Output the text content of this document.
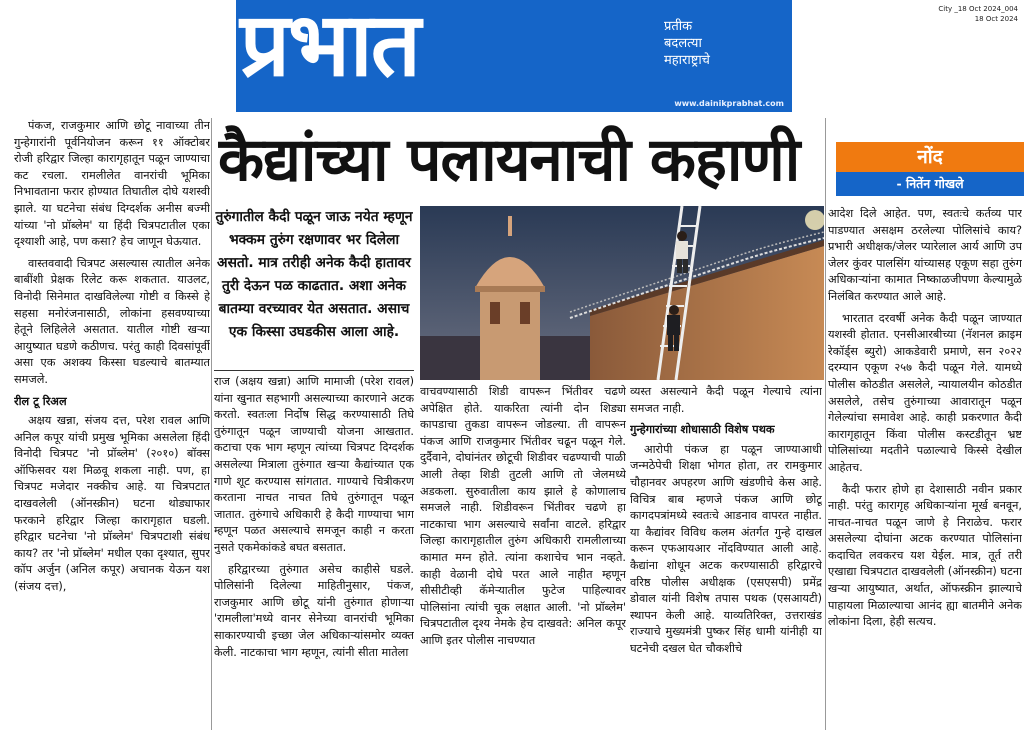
प्रभात	प्रतीक
बदलत्या
महाराष्ट्राचे
www.dainikprabhat.com
City _18 Oct 2024_004
18 Oct 2024

पंकज, राजकुमार आणि छोटू नावाच्या तीन गुन्हेगारांनी पूर्वनियोजन करून ११ ऑक्टोबर रोजी हरिद्वार जिल्हा कारागृहातून पळून जाण्याचा कट रचला. रामलीलेत वानरांची भूमिका निभावताना फरार होण्यात तिघातील दोघे यशस्वी झाले. या घटनेचा संबंध दिग्दर्शक अनीस बज्मी यांच्या 'नो प्रॉब्लेम' या हिंदी चित्रपटातील एका दृश्याशी आहे, पण कसा? हेच जाणून घेऊयात.

वास्तववादी चित्रपट असल्यास त्यातील अनेक बाबींशी प्रेक्षक रिलेट करू शकतात. याउलट, विनोदी सिनेमात दाखविलेल्या गोष्टी व किस्से हे सहसा मनोरंजनासाठी, लोकांना हसवण्याच्या हेतूने लिहिलेले असतात. यातील गोष्टी खऱ्या आयुष्यात घडणे कठीणच. परंतु काही दिवसांपूर्वी असा एक अशक्य किस्सा घडल्याचे बातम्यात समजले.

रील टू रिअल

अक्षय खन्ना, संजय दत्त, परेश रावल आणि अनिल कपूर यांची प्रमुख भूमिका असलेला हिंदी विनोदी चित्रपट 'नो प्रॉब्लेम' (२०१०) बॉक्स ऑफिसवर यश मिळवू शकला नाही. पण, हा चित्रपट मजेदार नक्कीच आहे. या चित्रपटात दाखवलेली (ऑनस्क्रीन) घटना थोड्याफार फरकाने हरिद्वार जिल्हा कारागृहात घडली. हरिद्वार घटनेचा 'नो प्रॉब्लेम' चित्रपटाशी संबंध काय? तर 'नो प्रॉब्लेम' मधील एका दृश्यात, सुपर कॉप अर्जुन (अनिल कपूर) अचानक येऊन यश (संजय दत्त),

कैद्यांच्या पलायनाची कहाणी
तुरुंगातील कैदी पळून जाऊ नयेत म्हणून भक्कम तुरुंग रक्षणावर भर दिलेला असतो. मात्र तरीही अनेक कैदी हातावर तुरी देऊन पळ काढतात. अशा अनेक बातम्या वरच्यावर येत असतात. असाच एक किस्सा उघडकीस आला आहे.

राज (अक्षय खन्ना) आणि मामाजी (परेश रावल) यांना खुनात सहभागी असल्याच्या कारणाने अटक करतो. स्वतःला निर्दोष सिद्ध करण्यासाठी तिघे तुरुंगातून पळून जाण्याची योजना आखतात. कटाचा एक भाग म्हणून त्यांच्या चित्रपट दिग्दर्शक असलेल्या मित्राला तुरुंगात खऱ्या कैद्यांच्यात एक गाणे शूट करण्यास सांगतात. गाण्याचे चित्रीकरण करताना नाचत नाचत तिघे तुरुंगातून पळून जातात. तुरुंगाचे अधिकारी हे कैदी गाण्याचा भाग म्हणून पळत असल्याचे समजून काही न करता नुसते एकमेकांकडे बघत बसतात.

हरिद्वारच्या तुरुंगात असेच काहीसे घडले. पोलिसांनी दिलेल्या माहितीनुसार, पंकज, राजकुमार आणि छोटू यांनी तुरुंगात होणाऱ्या 'रामलीला'मध्ये वानर सेनेच्या वानरांची भूमिका साकारण्याची इच्छा जेल अधिकाऱ्यांसमोर व्यक्त केली. नाटकाचा भाग म्हणून, त्यांनी सीता मातेला

वाचवण्यासाठी शिडी वापरून भिंतीवर चढणे अपेक्षित होते. याकरिता त्यांनी दोन शिड्या कापडाचा तुकडा वापरून जोडल्या. ती वापरून पंकज आणि राजकुमार भिंतीवर चढून पळून गेले. दुर्दैवाने, दोघांनंतर छोटूची शिडीवर चढण्याची पाळी आली तेव्हा शिडी तुटली आणि तो जेलमध्ये अडकला. सुरुवातीला काय झाले हे कोणालाच समजले नाही. शिडीवरून भिंतीवर चढणे हा नाटकाचा भाग असल्याचे सर्वांना वाटले. हरिद्वार जिल्हा कारागृहातील तुरुंग अधिकारी रामलीलाच्या कामात मग्न होते. त्यांना कशाचेच भान नव्हते. काही वेळानी दोघे परत आले नाहीत म्हणून सीसीटीव्ही कॅमेऱ्यातील फुटेज पाहिल्यावर पोलिसांना त्यांची चूक लक्षात आली. 'नो प्रॉब्लेम' चित्रपटातील दृश्य नेमके हेच दाखवते: अनिल कपूर आणि इतर पोलीस नाचण्यात

व्यस्त असल्याने कैदी पळून गेल्याचे त्यांना समजत नाही.

गुन्हेगारांच्या शोधासाठी विशेष पथक

आरोपी पंकज हा पळून जाण्याआधी जन्मठेपेची शिक्षा भोगत होता, तर रामकुमार चौहानवर अपहरण आणि खंडणीचे केस आहे. विचित्र बाब म्हणजे पंकज आणि छोटू कागदपत्रांमध्ये स्वतःचे आडनाव वापरत नाहीत. या कैद्यांवर विविध कलम अंतर्गत गुन्हे दाखल करून एफआयआर नोंदविण्यात आली आहे. कैद्यांना शोधून अटक करण्यासाठी हरिद्वारचे वरिष्ठ पोलीस अधीक्षक (एसएसपी) प्रमेंद्र डोवाल यांनी विशेष तपास पथक (एसआयटी) स्थापन केली आहे. याव्यतिरिक्त, उत्तराखंड राज्याचे मुख्यमंत्री पुष्कर सिंह धामी यांनीही या घटनेची दखल घेत चौकशीचे

नोंद
- नितेंन गोखले

आदेश दिले आहेत. पण, स्वतःचे कर्तव्य पार पाडण्यात असक्षम ठरलेल्या पोलिसांचे काय? प्रभारी अधीक्षक/जेलर प्यारेलाल आर्य आणि उप जेलर कुंवर पालसिंग यांच्यासह एकूण सहा तुरुंग अधिकाऱ्यांना कामात निष्काळजीपणा केल्यामुळे निलंबित करण्यात आले आहे.

भारतात दरवर्षी अनेक कैदी पळून जाण्यात यशस्वी होतात. एनसीआरबीच्या (नॅशनल क्राइम रेकॉर्ड्स ब्युरो) आकडेवारी प्रमाणे, सन २०२२ दरम्यान एकूण २५७ कैदी पळून गेले. यामध्ये पोलीस कोठडीत असलेले, न्यायालयीन कोठडीत असलेले, तसेच तुरुंगाच्या आवारातून पळून गेलेल्यांचा समावेश आहे. काही प्रकरणात कैदी कारागृहातून किंवा पोलीस कस्टडीतून भ्रष्ट पोलिसांच्या मदतीने पळाल्याचे किस्से देखील आहेतच.

कैदी फरार होणे हा देशासाठी नवीन प्रकार नाही. परंतु कारागृह अधिकाऱ्यांना मूर्ख बनवून, नाचत-नाचत पळून जाणे हे निराळेच. फरार असलेल्या दोघांना अटक करण्यात पोलिसांना कदाचित लवकरच यश येईल. मात्र, तूर्त तरी एखाद्या चित्रपटात दाखवलेली (ऑनस्क्रीन) घटना खऱ्या आयुष्यात, अर्थात, ऑफस्क्रीन झाल्याचे पाहायला मिळाल्याचा आनंद ह्या बातमीने अनेक लोकांना दिला, हेही सत्यच.
